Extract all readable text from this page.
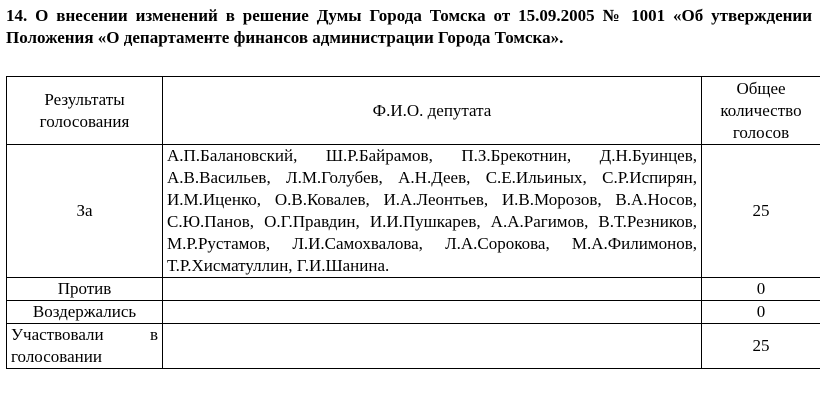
14. О внесении изменений в решение Думы Города Томска от 15.09.2005 № 1001 «Об утверждении Положения «О департаменте финансов администрации Города Томска».
Результаты голосования	Ф.И.О. депутата	Общее количество голосов
За	А.П.Балановский, Ш.Р.Байрамов, П.З.Брекотнин, Д.Н.Буинцев, А.В.Васильев, Л.М.Голубев, А.Н.Деев, С.Е.Ильиных, С.Р.Испирян, И.М.Иценко, О.В.Ковалев, И.А.Леонтьев, И.В.Морозов, В.А.Носов, С.Ю.Панов, О.Г.Правдин, И.И.Пушкарев, А.А.Рагимов, В.Т.Резников, М.Р.Рустамов, Л.И.Самохвалова, Л.А.Сорокова, М.А.Филимонов, Т.Р.Хисматуллин, Г.И.Шанина.	25
Против		0
Воздержались		0
Участвовали в голосовании		25
